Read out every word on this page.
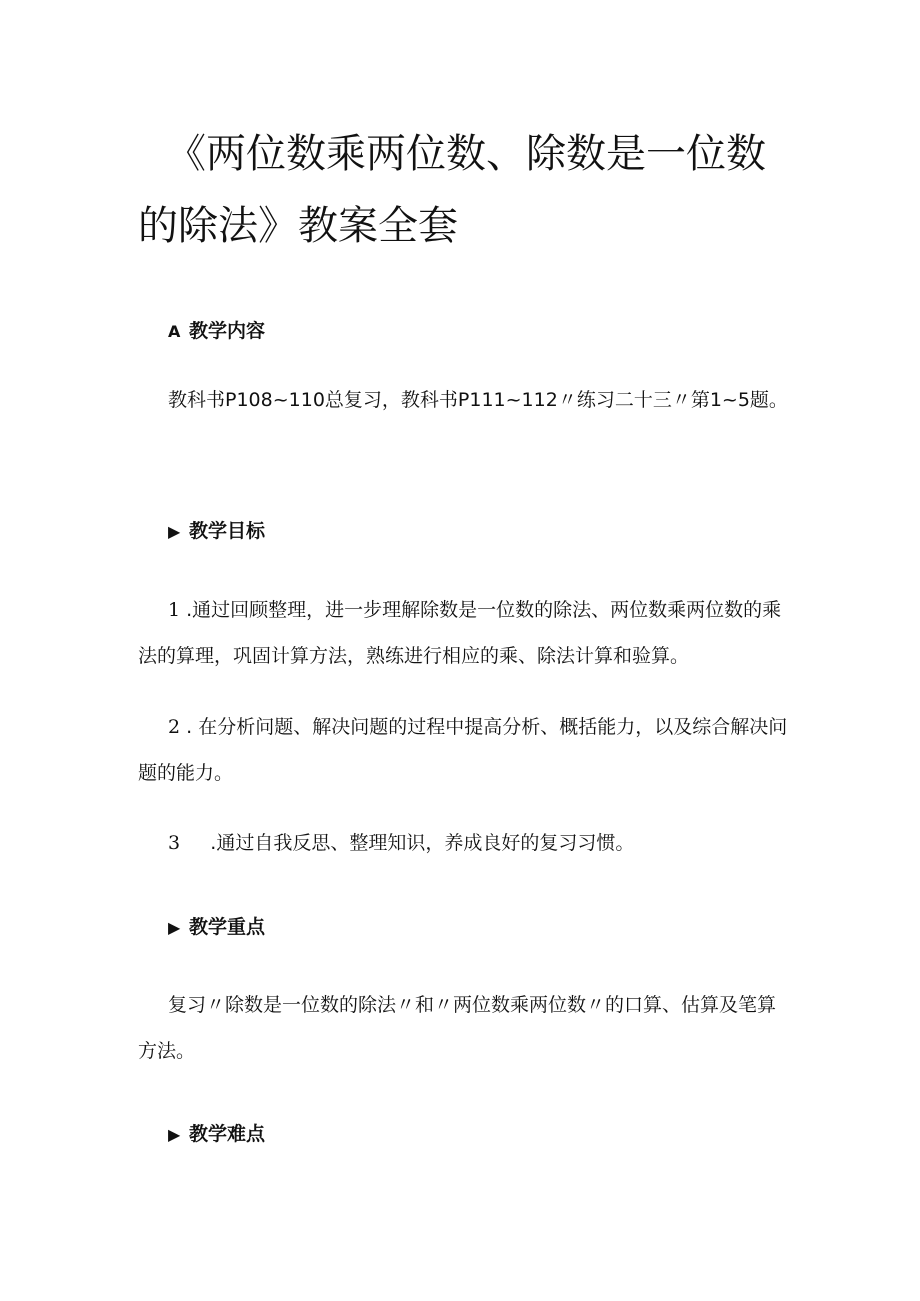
《两位数乘两位数、除数是一位数
的除法》教案全套
A 教学内容

教科书P108~110总复习，教科书P111~112〃练习二十三〃第1~5题。

▶ 教学目标

1 .通过回顾整理，进一步理解除数是一位数的除法、两位数乘两位数的乘法的算理，巩固计算方法，熟练进行相应的乘、除法计算和验算。

2 . 在分析问题、解决问题的过程中提高分析、概括能力，以及综合解决问题的能力。

3     .通过自我反思、整理知识，养成良好的复习习惯。

▶ 教学重点

复习〃除数是一位数的除法〃和〃两位数乘两位数〃的口算、估算及笔算方法。

▶ 教学难点
